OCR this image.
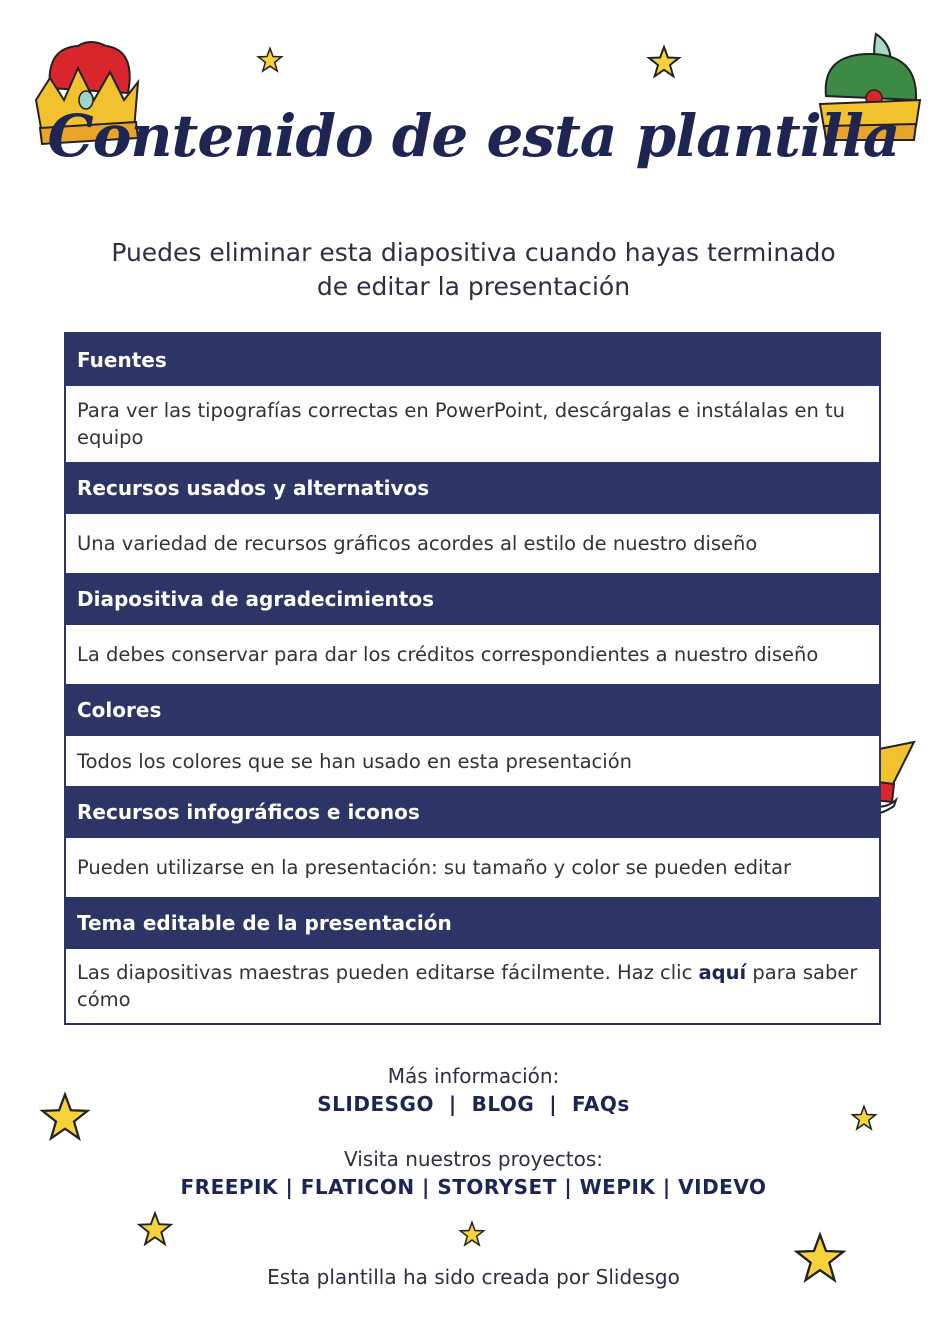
Contenido de esta plantilla
Puedes eliminar esta diapositiva cuando hayas terminado
de editar la presentación
Fuentes
Para ver las tipografías correctas en PowerPoint, descárgalas e instálalas en tu equipo
Recursos usados y alternativos
Una variedad de recursos gráficos acordes al estilo de nuestro diseño
Diapositiva de agradecimientos
La debes conservar para dar los créditos correspondientes a nuestro diseño
Colores
Todos los colores que se han usado en esta presentación
Recursos infográficos e iconos
Pueden utilizarse en la presentación: su tamaño y color se pueden editar
Tema editable de la presentación
Las diapositivas maestras pueden editarse fácilmente. Haz clic aquí para saber cómo
Más información:
SLIDESGO  |  BLOG  |  FAQs
Visita nuestros proyectos:
FREEPIK | FLATICON | STORYSET | WEPIK | VIDEVO
Esta plantilla ha sido creada por Slidesgo
